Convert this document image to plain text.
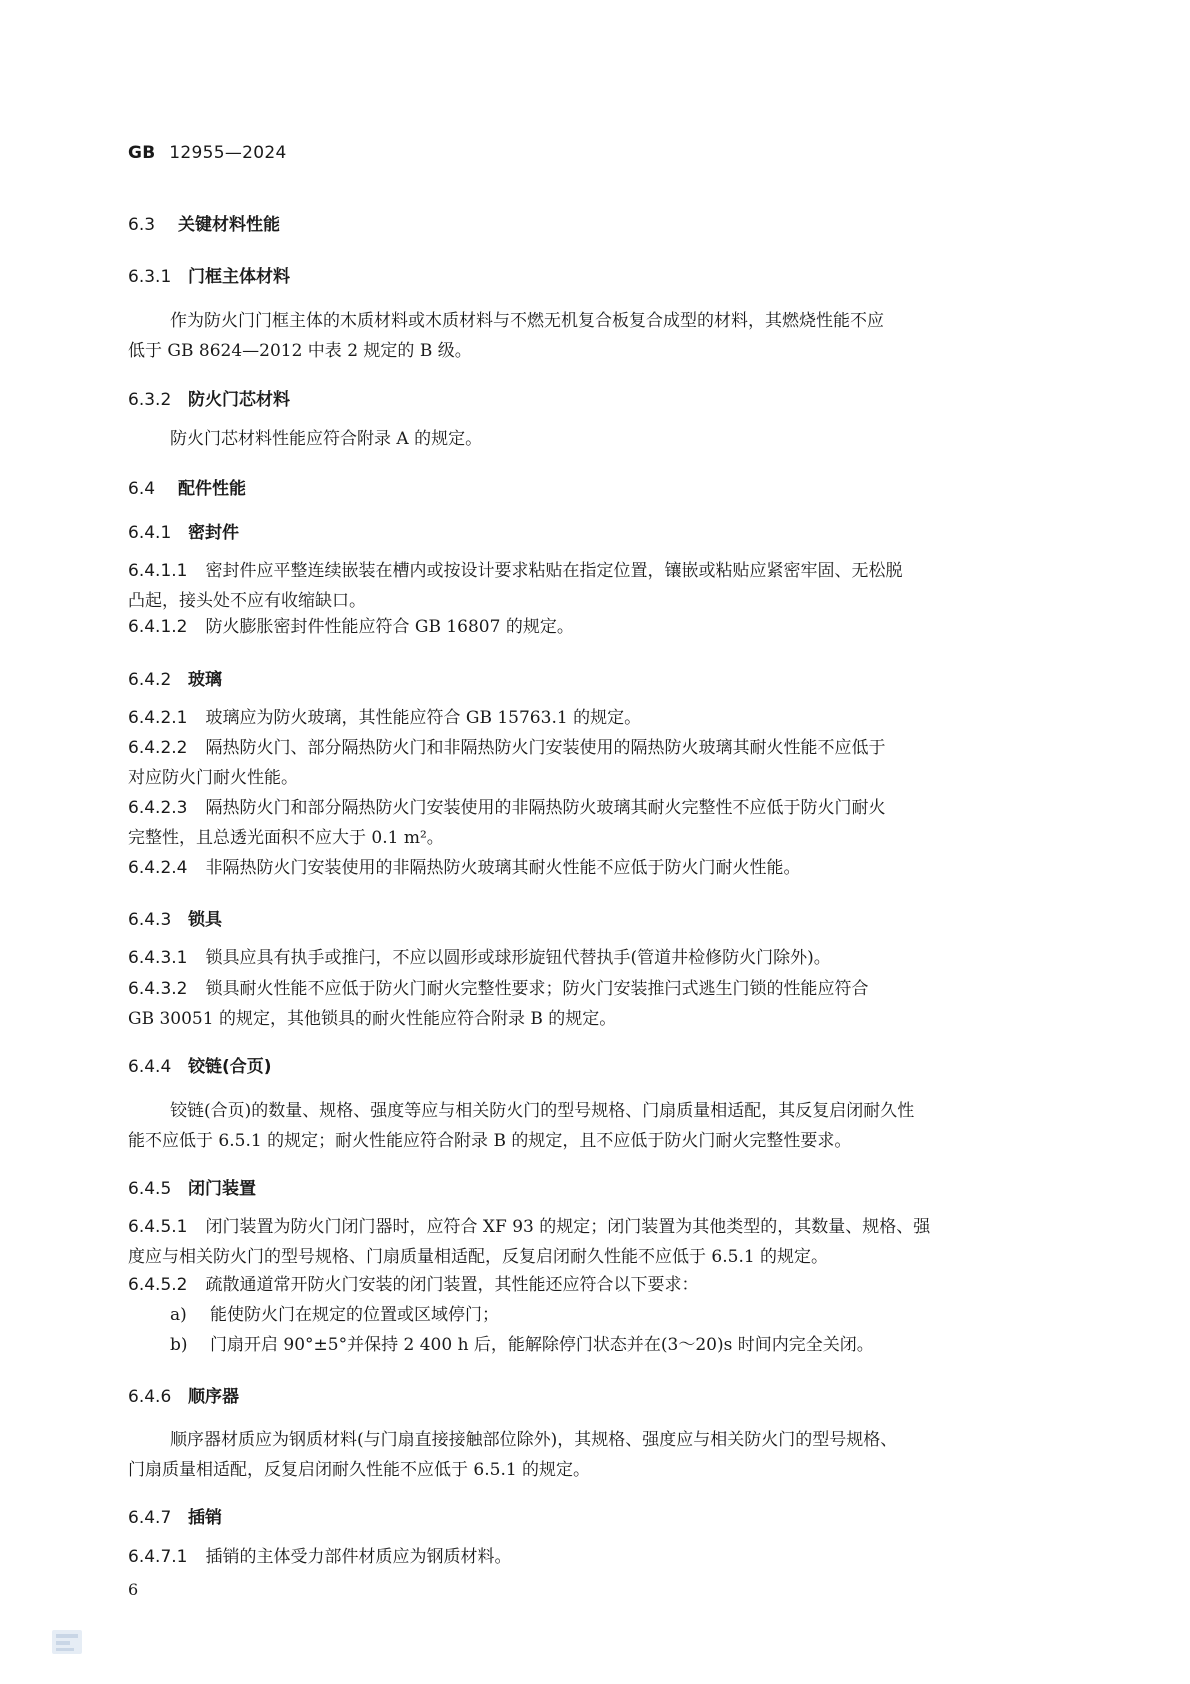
GB 12955—2024
6.3 关键材料性能
6.3.1 门框主体材料
作为防火门门框主体的木质材料或木质材料与不燃无机复合板复合成型的材料，其燃烧性能不应
低于 GB 8624—2012 中表 2 规定的 B 级。
6.3.2 防火门芯材料
防火门芯材料性能应符合附录 A 的规定。
6.4 配件性能
6.4.1 密封件
6.4.1.1 密封件应平整连续嵌装在槽内或按设计要求粘贴在指定位置，镶嵌或粘贴应紧密牢固、无松脱
凸起，接头处不应有收缩缺口。
6.4.1.2 防火膨胀密封件性能应符合 GB 16807 的规定。
6.4.2 玻璃
6.4.2.1 玻璃应为防火玻璃，其性能应符合 GB 15763.1 的规定。
6.4.2.2 隔热防火门、部分隔热防火门和非隔热防火门安装使用的隔热防火玻璃其耐火性能不应低于
对应防火门耐火性能。
6.4.2.3 隔热防火门和部分隔热防火门安装使用的非隔热防火玻璃其耐火完整性不应低于防火门耐火
完整性，且总透光面积不应大于 0.1 m²。
6.4.2.4 非隔热防火门安装使用的非隔热防火玻璃其耐火性能不应低于防火门耐火性能。
6.4.3 锁具
6.4.3.1 锁具应具有执手或推闩，不应以圆形或球形旋钮代替执手(管道井检修防火门除外)。
6.4.3.2 锁具耐火性能不应低于防火门耐火完整性要求；防火门安装推闩式逃生门锁的性能应符合
GB 30051 的规定，其他锁具的耐火性能应符合附录 B 的规定。
6.4.4 铰链(合页)
铰链(合页)的数量、规格、强度等应与相关防火门的型号规格、门扇质量相适配，其反复启闭耐久性
能不应低于 6.5.1 的规定；耐火性能应符合附录 B 的规定，且不应低于防火门耐火完整性要求。
6.4.5 闭门装置
6.4.5.1 闭门装置为防火门闭门器时，应符合 XF 93 的规定；闭门装置为其他类型的，其数量、规格、强
度应与相关防火门的型号规格、门扇质量相适配，反复启闭耐久性能不应低于 6.5.1 的规定。
6.4.5.2 疏散通道常开防火门安装的闭门装置，其性能还应符合以下要求：
a) 能使防火门在规定的位置或区域停门；
b) 门扇开启 90°±5°并保持 2 400 h 后，能解除停门状态并在(3～20)s 时间内完全关闭。
6.4.6 顺序器
顺序器材质应为钢质材料(与门扇直接接触部位除外)，其规格、强度应与相关防火门的型号规格、
门扇质量相适配，反复启闭耐久性能不应低于 6.5.1 的规定。
6.4.7 插销
6.4.7.1 插销的主体受力部件材质应为钢质材料。
6
